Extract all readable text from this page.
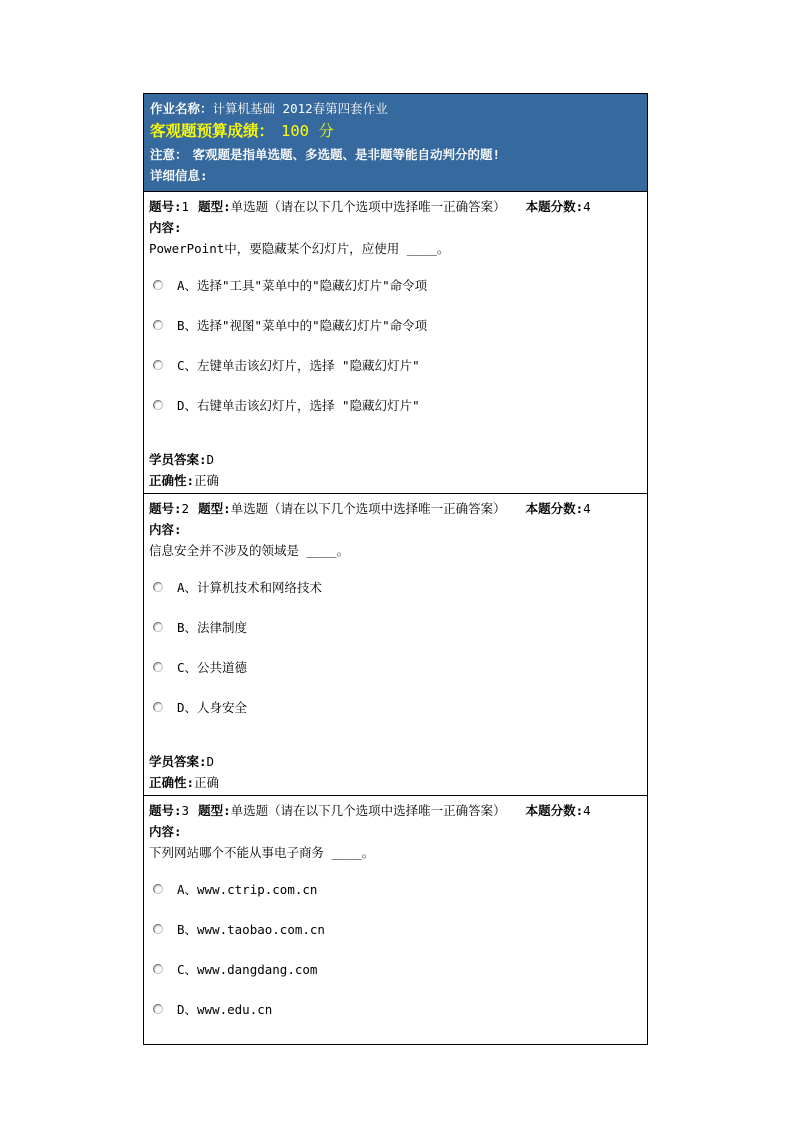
作业名称：计算机基础 2012春第四套作业
客观题预算成绩： 100 分
注意： 客观题是指单选题、多选题、是非题等能自动判分的题!
详细信息:
题号:1 题型:单选题（请在以下几个选项中选择唯一正确答案） 本题分数:4
内容:
PowerPoint中，要隐藏某个幻灯片，应使用 ____。
A、选择"工具"菜单中的"隐藏幻灯片"命令项
B、选择"视图"菜单中的"隐藏幻灯片"命令项
C、左键单击该幻灯片，选择 "隐藏幻灯片"
D、右键单击该幻灯片，选择 "隐藏幻灯片"
学员答案:D
正确性:正确
题号:2 题型:单选题（请在以下几个选项中选择唯一正确答案） 本题分数:4
内容:
信息安全并不涉及的领域是 ____。
A、计算机技术和网络技术
B、法律制度
C、公共道德
D、人身安全
学员答案:D
正确性:正确
题号:3 题型:单选题（请在以下几个选项中选择唯一正确答案） 本题分数:4
内容:
下列网站哪个不能从事电子商务 ____。
A、www.ctrip.com.cn
B、www.taobao.com.cn
C、www.dangdang.com
D、www.edu.cn
